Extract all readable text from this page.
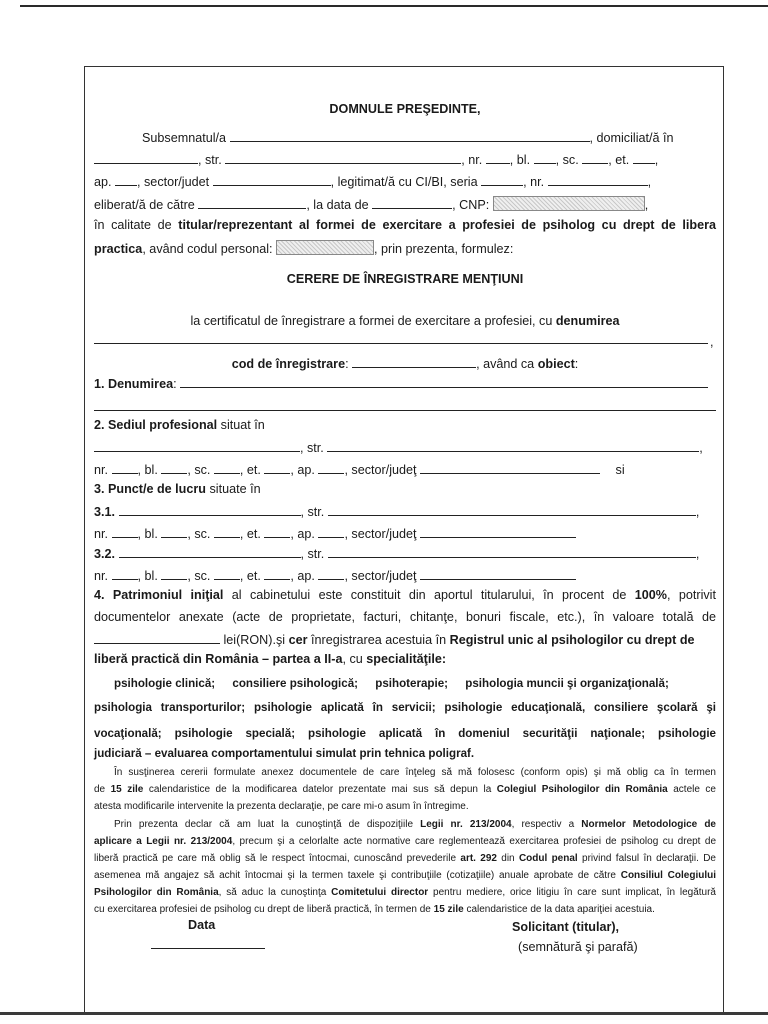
DOMNULE PREŞEDINTE,
Subsemnatul/a	, domiciliat/ă în
, str.	, nr. , bl. , sc. , et. ,
ap. , sector/judet	, legitimat/ă cu CI/BI, seria	, nr.	,
eliberat/ă de către	, la data de	, CNP:	,
în calitate de titular/reprezentant al formei de exercitare a profesiei de psiholog cu drept de libera
practica, având codul personal:	, prin prezenta, formulez:
CERERE DE ÎNREGISTRARE MENŢIUNI
la certificatul de înregistrare a formei de exercitare a profesiei, cu denumirea
,
cod de înregistrare:	, având ca obiect:
1. Denumirea:
2. Sediul profesional situat în
, str.	,
nr. , bl. , sc. , et. , ap. , sector/judeţ	si
3. Punct/e de lucru situate în
3.1.	, str.	,
nr. , bl. , sc. , et. , ap. , sector/judeţ
3.2.	, str.	,
nr. , bl. , sc. , et. , ap. , sector/judeţ
4. Patrimoniul iniţial al cabinetului este constituit din aportul titularului, în procent de 100%, potrivit
documentelor anexate (acte de proprietate, facturi, chitanţe, bonuri fiscale, etc.), în valoare totală de
lei(RON).şi cer înregistrarea acestuia în Registrul unic al psihologilor cu drept de
liberă practică din România – partea a II-a, cu specialităţile:
psihologie clinică; consiliere psihologică; psihoterapie; psihologia muncii şi organizaţională;
psihologia transporturilor; psihologie aplicată în servicii; psihologie educaţională, consiliere şcolară şi
vocaţională; psihologie specială; psihologie aplicată în domeniul securităţii naţionale; psihologie
judiciară – evaluarea comportamentului simulat prin tehnica poligraf.
În susţinerea cererii formulate anexez documentele de care înţeleg să mă folosesc (conform opis) şi mă oblig ca în termen
de 15 zile calendaristice de la modificarea datelor prezentate mai sus să depun la Colegiul Psihologilor din România actele ce
atesta modificarile intervenite la prezenta declaraţie, pe care mi-o asum în întregime.
Prin prezenta declar că am luat la cunoştinţă de dispoziţiile Legii nr. 213/2004, respectiv a Normelor Metodologice de
aplicare a Legii nr. 213/2004, precum şi a celorlalte acte normative care reglementează exercitarea profesiei de psiholog cu drept de
liberă practică pe care mă oblig să le respect întocmai, cunoscând prevederile art. 292 din Codul penal privind falsul în declaraţii. De
asemenea mă angajez să achit întocmai şi la termen taxele şi contribuţiile (cotizaţiile) anuale aprobate de către Consiliul Colegiului
Psihologilor din România, să aduc la cunoştinţa Comitetului director pentru mediere, orice litigiu în care sunt implicat, în legătură
cu exercitarea profesiei de psiholog cu drept de liberă practică, în termen de 15 zile calendaristice de la data apariţiei acestuia.
Data	Solicitant (titular),
(semnătură şi parafă)
